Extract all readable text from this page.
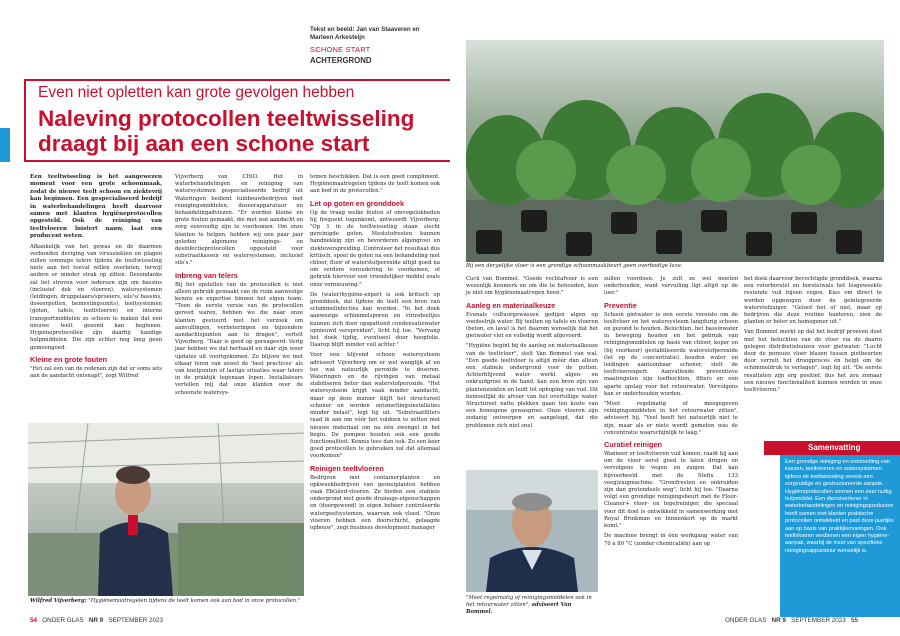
Tekst en beeld: Jan van Staaveren en Marleen Arkesteijn
SCHONE START
ACHTERGROND
Even niet opletten kan grote gevolgen hebben
Naleving protocollen teeltwisseling
draagt bij aan een schone start

Een teeltwisseling is het aangewezen moment voor een grote schoonmaak, zodat de nieuwe teelt schoon en ziektevrij kan beginnen. Een gespecialiseerd bedrijf in waterbehandelingen heeft daarvoor samen met klanten hygiëneprotocollen opgesteld. Ook de reiniging van teeltvloeren luistert nauw, laat een producent weten.

Afkankelijk van het gewas en de daarmee verbonden deviging van virusziekten en plagen zullen sommige telers tijdens de teeltwisseling niets aan het toeval willen overlaten, terwijl andere er minder strak op zitten. Desondanks zal het streven voor iedereen zijn om bassins (inclusief dek en vloeren), watersystemen (leidingen, druppelaars/sproeiers, silo's/ bassins, doseerpotten, bemestingsunits), teeltsystemen (goten, tafels, teeltvloeren) en interne transportmiddelen zo schoon te maken dat een nieuwe teelt gezond kan beginnen. Hygiëneprotocollen zijn daarbij handige hulpmiddelen. Die zijn echter nog lang geen gemeengoed.

Kleine en grote fouten

"Het zal een van de redenen zijn dat er soms iets aan de aandacht ontsnapt", zegt Wilfred

Vijverberg van CHiO. Het in waterbehandelingen en reiniging van watersystemen gespecialiseerde bedrijf uit Wateringen bedient tuinbouwbedrijven met reinigingsmiddelen, doseerapparatuur en behandelingadviezen. "Er worden kleine en grote fouten gemaakt, die met wat aandacht en zorg eenvoudig zijn te voorkomen. Om onze klanten te helpen, hebben wij een paar jaar geleden algemene reinigings- en desinfectieprotocollen opgesteld voor substraatkassen en watersystemen, inclusief silo's."

Inbreng van telers

Bij het opstellen van de protocollen is niet alleen gebruik gemaakt van de ruim aanwezige kennis en expertise binnen het eigen team. "Toen de eerste versie van de protocollen gereed waren, hebben we die naar onze klanten gestuurd met het verzoek om aanvullingen, verbeteringen en bijzondere aandachtspunten aan te dragen", vertelt Vijverberg. "Daar is goed op gereageerd. Verig jaar hebben we dat herhaald en daar zijn weer updates uit voortgekomen. Zo blijven we met elkaar leren van zowel de 'best practices' als van knelpunten of lastige situaties waar telers in de praktijk tegenaan lopen. Installateurs vertellen mij dat onze klanten over de schoonste watersys-

temen beschikken. Dat is een goed compliment. Hygiënemaatregelen tijdens de teelt komen ook aan bod in de protocollen."

Let op goten en gronddoek

Op de vraag welke fouten of omvogelukheden hij frequent tegenkomt, antwoordt Vijverberg: "Op 1 in de teeltwisseling staan slecht gereinigde goten. Meststofresten kunnen handnekkig zijn en bevorderen algengroei en ziekteverspreiding. Controleer het resultaat dus kritisch, spoel de goten na een behandeling met chloor, fluor of waterstofperoxide altijd goed na om verdere veroudering te voorkomen, of gebruik hiervoor een vriendelijker middel zoals onze vernieuwing."

De (water)hygiëne-expert is ook kritisch op gronddoek, dat tijdens de teelt een bron van schimmelinfecties kan worden. "In het doek aanwezige schimmelsporen en virusdeeltjes kunnen zich door opspattend condensatiewater opnieuwd verspreiden", licht hij toe. "Vervang het doek tijdig, eventueel door hoopfolie. Daarop blijft minder vuil achter."

Voor een blijvend schoon watersysteem adviseert Vijverberg om er wel wanglijk af en toe wat natuurlijk peroxide te doseren. Wateringen en de rijvingen van metaal stabiliseren beter dan waterstofperoxide. "Het watersysteem krijgt vaak minder aandacht, maar op deze manier blijft het structureel schoner en worden ontsmettingsinstallaties minder belast", legt hij uit. "Substraatfilters raad ik aan om vóór het voldoen te zetten met nieuwe materiaal om na één zwengel in het begin. De pompen houden ook een goede functionaliteit. Kennis lees dan ook. Zo een keer goed protocollen te gebruiken zal dat allemaal voorkomen"

Reinigen teeltvloeren

Bedrijven met containerplanten en opkweekbedrijven van gesneiplanten hebben vaak EbGéed-vloeren. Ze bieden een stabiele ondergrond met goede drainage-eigenschappen en (doorgewend) in eigen beheer controleerde watergeefsystemen, waarvan ook vloed. "Onze vloeren hebben een doorschicht, gelaagde opbouw", zegt business development manager

Wilfred Vijverberg: "Hygiënemaatregelen tijdens de teelt komen ook aan bod in onze protocollen."
54 ONDER GLAS NR 9 SEPTEMBER 2023
Bij een dergelijke vloer is een grondige schoonmaakbeurt geen overbodige luxe.

Cock van Bommel. "Goede vochtafvoer is een wezenlijk kenmerk en om die te behouden, kun je niet om hygiënemaatregen heen."

Aanleg en materiaalkeuze

Evenals cultuurgewassen gedijen algen op voedselrijk water. Bij teelten op tafels en vloeren (beton, en lava) is het daarom wenselijk dat het gietwater vlot en volledig wordt afgevoerd.

"Hygiëne begint bij de aanleg en materiaalkeuze van de teeltvloer", stelt Van Bommel van wal. "Een goede teeltvloer is altijd méér dan alleen een stabiele ondergrond voor de potten. Achterblijvend water werkt algen- en onkruidgroei in de hand, kan een bron zijn van plantenziekten en leidt tot ophoping van vuil. Dit bemoeilijkt de afvoer van het overtollige water. Structureel natte plekken gaan ten koste van een homogene gewasgroei. Onze vloeren zijn zodanig ontworpen en aangelegd, dat die problemen zich niet snel

"Meet regelmatig of reinigingsmiddelen ook in het retourwater zitten", adviseert Van Bommel.

zullen voordoen. Je zult ze wel moeten onderhouden, want vervuiling ligt altijd op de loer."

Preventie

Schoon gietwater is een eerste vereiste om de teeltvloer en het watersysteem langdurig schoon en gezond te houden. Beluchten, het bassinwater in beweging houden en het gebruik van reinigingsmiddelen op basis van chloor, koper en (bij voorkeur) gestabiliseerde waterstofperoxide (let op de concentratie) houden water en leidingen aantoonbaar schoner, stelt de teeltvloerexpert. Aanvullende preventieve maatregelen zijn toefbochten, filters en een aparte opslag voor het retourwater. Vervolgens kan er onderhouden worden.

"Meet regelmatig of meegegeven reinigingsmiddelen in het retourwater zitten", adviseert hij. "Veel hoeft het natuurlijk niet te zijn, maar als er niets wordt gemeten was de concentratie waarschijnlijk te laag."

Curatief reinigen

Wanneer er teeltvloeren vuil komen, raadt hij aan om de vloer eerst goed te laten drogen en vervolgens te vegen en zuigen. Dat kan bijvoorbeeld met de Stefix 133 veeg/zuigmachine. "Grondresten en onkruiden zijn dan grotendeels weg", licht hij toe. "Daarna volgt een grondige reinigingsbeurt met de Floor-Cleaner+ vloer- en tegelreiniger, die speciaal voor dit doel is ontwikkeld in samenwerking met Royal Brinkman en binnenkort op de markt komt."

De machine brengt in één werkgang water van 70 à 80 °C (zonder chemicaliën) aan op

het doek daarvoor bevochtigde gronddoek, waarna een rotorborstel en borstelwals het losgeweekte restende vuil bijeen vegen. Kies om direct te worden opgezogen door de geïntegreerde waterstofzuiger. "Geloof het of niet, maar op bedrijven die deze routine hanteren, zien de planten er beter en homogener uit."

Van Bommel merkt op dat het bedrijf proeven doet met het beluchten van de vloer via de daarin gelegen distributiebuizen voor gietwater. "Lucht door de poreuze vloer blazen tussen gietbeurten door verrelt het droogproces én helpt om de schimmeldruk te verlagen", legt hij uit. "De eerste resultaten zijn erg positief, dus het zou zomaar een nieuwe functionaliteit kunnen worden in onze teeltvloeren."

ONDER GLAS NR 9 SEPTEMBER 2023 55
Samenvatting
Een grondige reiniging en ontsmetting van kassen, teeltvloeren en watersystemen tijdens de teeltwisseling vereist een zorgvuldige en gestructureerde aanpak. Hygiëneprotocollen vormen een zeer nuttig hulpmiddel. Een dienstverlener in waterbehandelingen en reinigingsproducten heeft samen met klanten praktische protocollen ontwikkeld en past deze jaarlijks aan op basis van praktijkervaringen. Ook teeltvloeren verdienen een eigen hygiëne-aanpak, waarbij de inzet van specifieke reinigingsapparatuur wenselijk is.
